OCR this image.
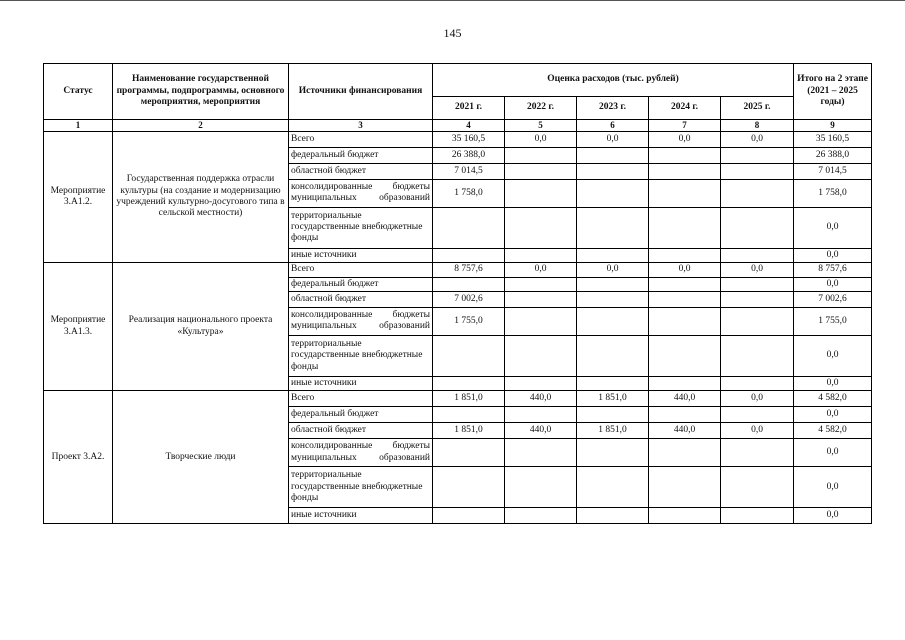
145
Статус	Наименование государственной программы, подпрограммы, основного мероприятия, мероприятия	Источники финансирования	Оценка расходов (тыс. рублей)					Итого на 2 этапе (2021 – 2025 годы)
			2021 г.	2022 г.	2023 г.	2024 г.	2025 г.	
1	2	3	4	5	6	7	8	9
Мероприятие 3.А1.2.	Государственная поддержка отрасли культуры (на создание и модернизацию учреждений культурно-досугового типа в сельской местности)	Всего	35 160,5	0,0	0,0	0,0	0,0	35 160,5
		федеральный бюджет	26 388,0					26 388,0
		областной бюджет	7 014,5					7 014,5
		консолидированные бюджеты муниципальных образований	1 758,0					1 758,0
		территориальные государственные внебюджетные фонды						0,0
		иные источники						0,0
Мероприятие 3.А1.3.	Реализация национального проекта «Культура»	Всего	8 757,6	0,0	0,0	0,0	0,0	8 757,6
		федеральный бюджет						0,0
		областной бюджет	7 002,6					7 002,6
		консолидированные бюджеты муниципальных образований	1 755,0					1 755,0
		территориальные государственные внебюджетные фонды						0,0
		иные источники						0,0
Проект 3.А2.	Творческие люди	Всего	1 851,0	440,0	1 851,0	440,0	0,0	4 582,0
		федеральный бюджет						0,0
		областной бюджет	1 851,0	440,0	1 851,0	440,0	0,0	4 582,0
		консолидированные бюджеты муниципальных образований						0,0
		территориальные государственные внебюджетные фонды						0,0
		иные источники						0,0
